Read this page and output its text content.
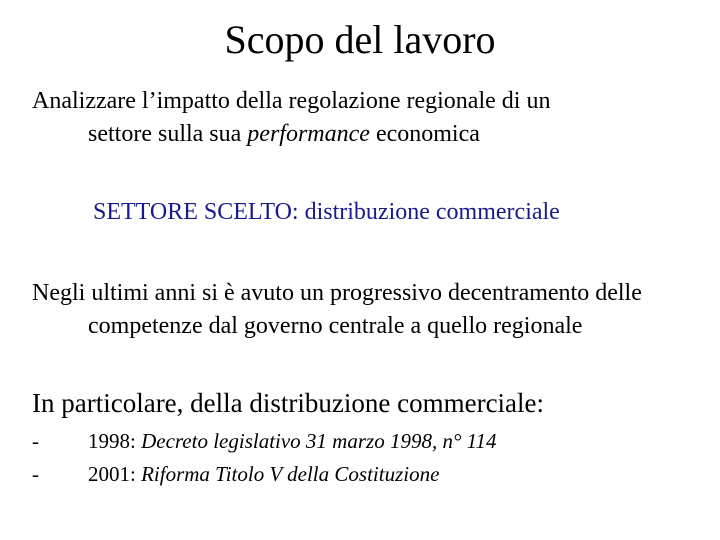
Scopo del lavoro
Analizzare l’impatto della regolazione regionale di un
settore sulla sua performance economica
SETTORE SCELTO: distribuzione commerciale
Negli ultimi anni si è avuto un progressivo decentramento delle
competenze dal governo centrale a quello regionale
In particolare, della distribuzione commerciale:
- 1998: Decreto legislativo 31 marzo 1998, n° 114
- 2001: Riforma Titolo V della Costituzione
